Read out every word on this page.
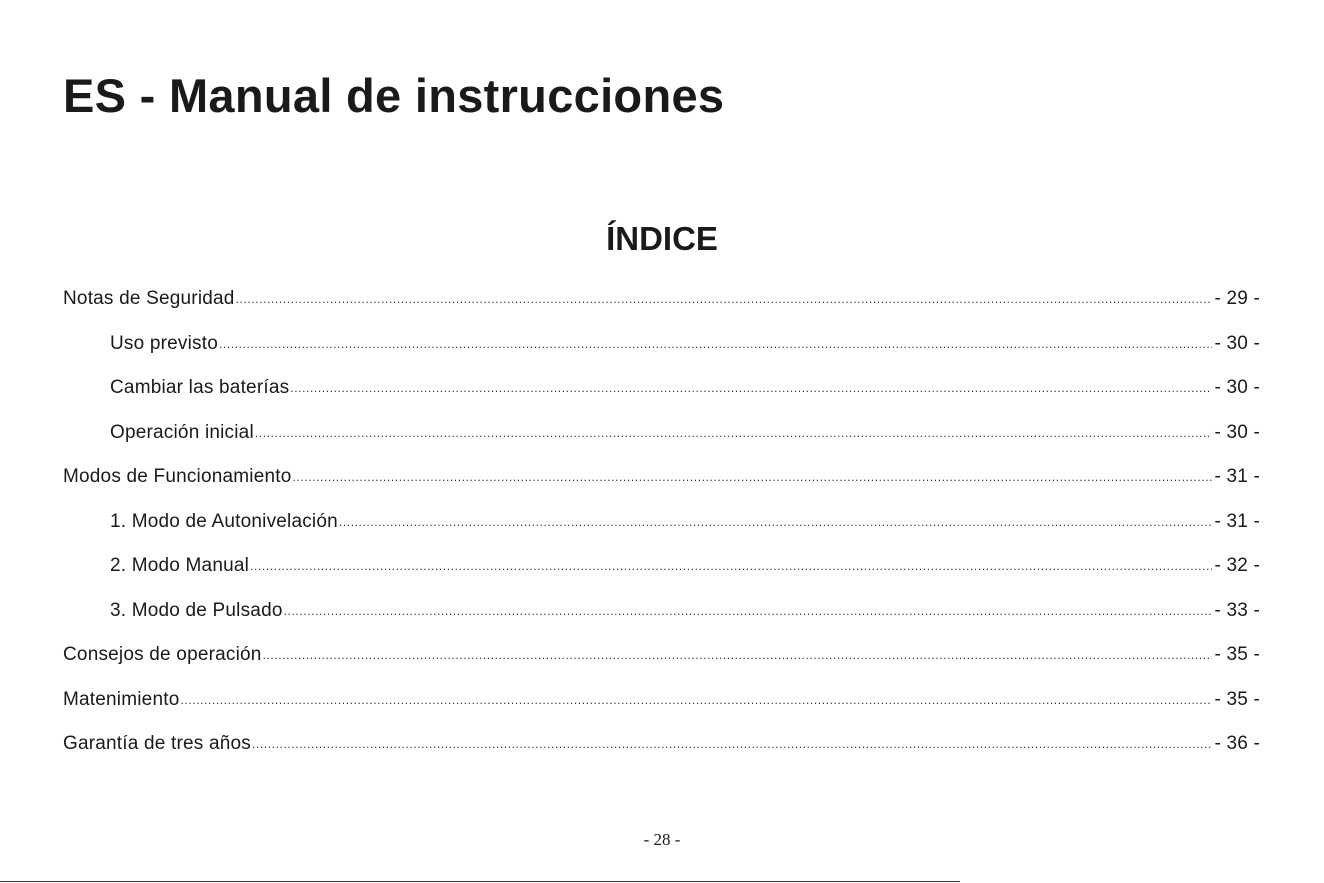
ES - Manual de instrucciones
ÍNDICE
Notas de Seguridad .....	- 29 -
Uso previsto .....	- 30 -
Cambiar las baterías .....	- 30 -
Operación inicial .....	- 30 -
Modos de Funcionamiento .....	- 31 -
1. Modo de Autonivelación .....	- 31 -
2. Modo Manual .....	- 32 -
3. Modo de Pulsado .....	- 33 -
Consejos de operación .....	- 35 -
Matenimiento .....	- 35 -
Garantía de tres años .....	- 36 -

- 28 -
